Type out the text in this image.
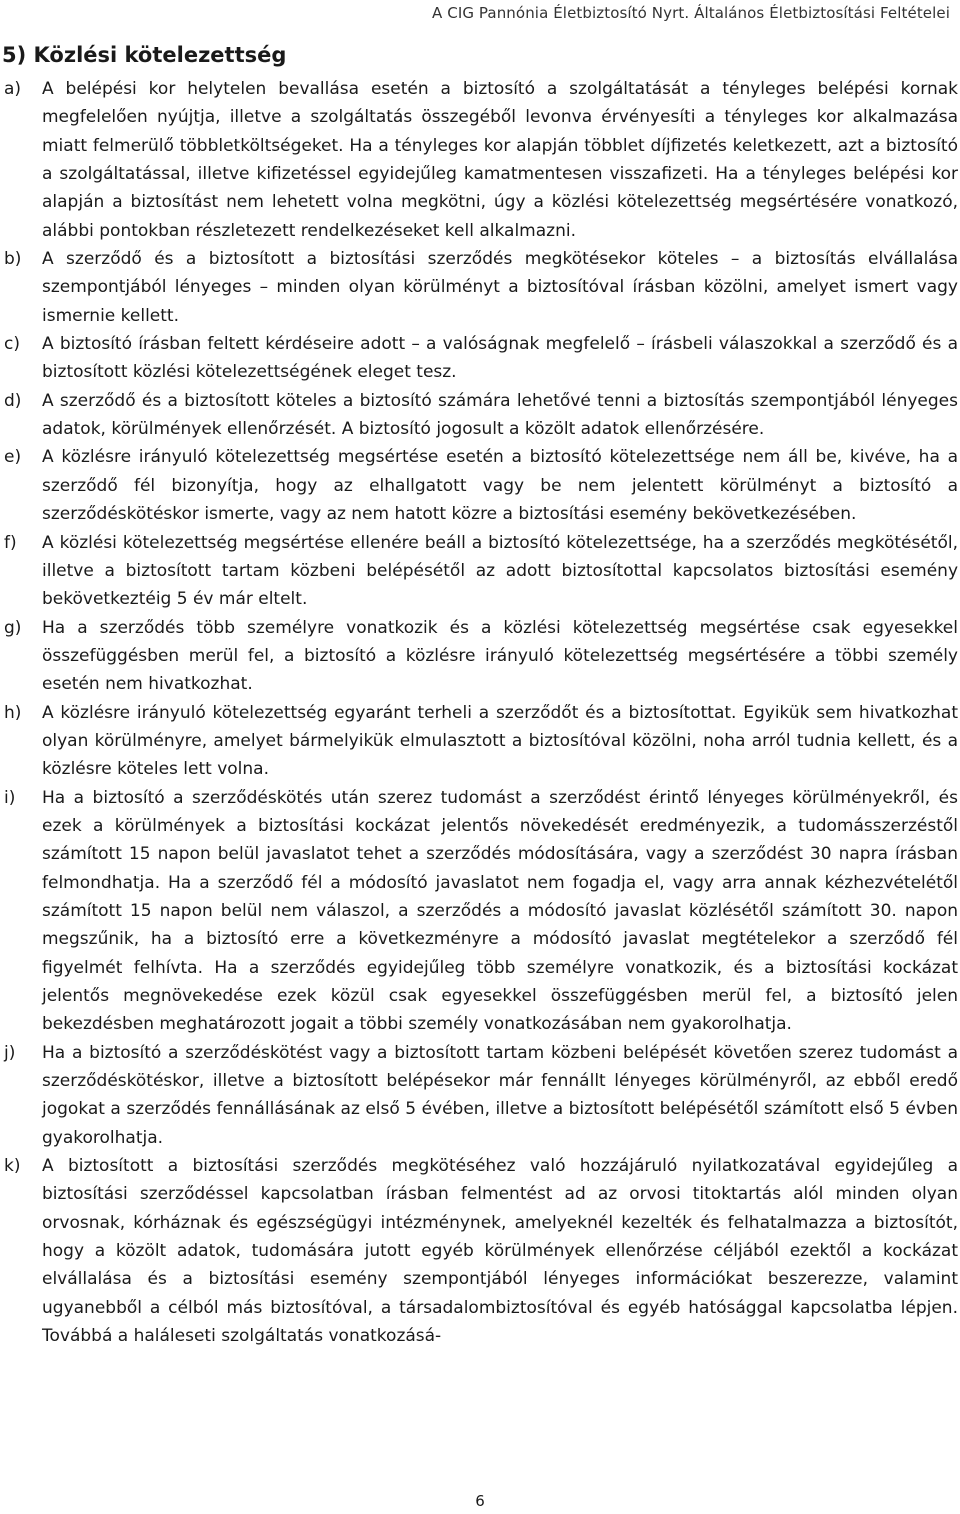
A CIG Pannónia Életbiztosító Nyrt. Általános Életbiztosítási Feltételei
5) Közlési kötelezettség
a)	A belépési kor helytelen bevallása esetén a biztosító a szolgáltatását a tényleges belépési kornak megfelelően nyújtja, illetve a szolgáltatás összegéből levonva érvényesíti a tényleges kor alkalmazása miatt felmerülő többletköltségeket. Ha a tényleges kor alapján többlet díjfizetés keletkezett, azt a biztosító a szolgáltatással, illetve kifizetéssel egyidejűleg kamatmentesen visszafizeti. Ha a tényleges belépési kor alapján a biztosítást nem lehetett volna megkötni, úgy a közlési kötelezettség megsértésére vonatkozó, alábbi pontokban részletezett rendelkezéseket kell alkalmazni.
b)	A szerződő és a biztosított a biztosítási szerződés megkötésekor köteles – a biztosítás elvállalása szempontjából lényeges – minden olyan körülményt a biztosítóval írásban közölni, amelyet ismert vagy ismernie kellett.
c)	A biztosító írásban feltett kérdéseire adott – a valóságnak megfelelő – írásbeli válaszokkal a szerződő és a biztosított közlési kötelezettségének eleget tesz.
d)	A szerződő és a biztosított köteles a biztosító számára lehetővé tenni a biztosítás szempontjából lényeges adatok, körülmények ellenőrzését. A biztosító jogosult a közölt adatok ellenőrzésére.
e)	A közlésre irányuló kötelezettség megsértése esetén a biztosító kötelezettsége nem áll be, kivéve, ha a szerződő fél bizonyítja, hogy az elhallgatott vagy be nem jelentett körülményt a biztosító a szerződéskötéskor ismerte, vagy az nem hatott közre a biztosítási esemény bekövetkezésében.
f)	A közlési kötelezettség megsértése ellenére beáll a biztosító kötelezettsége, ha a szerződés megkötésétől, illetve a biztosított tartam közbeni belépésétől az adott biztosítottal kapcsolatos biztosítási esemény bekövetkeztéig 5 év már eltelt.
g)	Ha a szerződés több személyre vonatkozik és a közlési kötelezettség megsértése csak egyesekkel összefüggésben merül fel, a biztosító a közlésre irányuló kötelezettség megsértésére a többi személy esetén nem hivatkozhat.
h)	A közlésre irányuló kötelezettség egyaránt terheli a szerződőt és a biztosítottat. Egyikük sem hivatkozhat olyan körülményre, amelyet bármelyikük elmulasztott a biztosítóval közölni, noha arról tudnia kellett, és a közlésre köteles lett volna.
i)	Ha a biztosító a szerződéskötés után szerez tudomást a szerződést érintő lényeges körülményekről, és ezek a körülmények a biztosítási kockázat jelentős növekedését eredményezik, a tudomásszerzéstől számított 15 napon belül javaslatot tehet a szerződés módosítására, vagy a szerződést 30 napra írásban felmondhatja. Ha a szerződő fél a módosító javaslatot nem fogadja el, vagy arra annak kézhezvételétől számított 15 napon belül nem válaszol, a szerződés a módosító javaslat közlésétől számított 30. napon megszűnik, ha a biztosító erre a következményre a módosító javaslat megtételekor a szerződő fél figyelmét felhívta. Ha a szerződés egyidejűleg több személyre vonatkozik, és a biztosítási kockázat jelentős megnövekedése ezek közül csak egyesekkel összefüggésben merül fel, a biztosító jelen bekezdésben meghatározott jogait a többi személy vonatkozásában nem gyakorolhatja.
j)	Ha a biztosító a szerződéskötést vagy a biztosított tartam közbeni belépését követően szerez tudomást a szerződéskötéskor, illetve a biztosított belépésekor már fennállt lényeges körülményről, az ebből eredő jogokat a szerződés fennállásának az első 5 évében, illetve a biztosított belépésétől számított első 5 évben gyakorolhatja.
k)	A biztosított a biztosítási szerződés megkötéséhez való hozzájáruló nyilatkozatával egyidejűleg a biztosítási szerződéssel kapcsolatban írásban felmentést ad az orvosi titoktartás alól minden olyan orvosnak, kórháznak és egészségügyi intézménynek, amelyeknél kezelték és felhatalmazza a biztosítót, hogy a közölt adatok, tudomására jutott egyéb körülmények ellenőrzése céljából ezektől a kockázat elvállalása és a biztosítási esemény szempontjából lényeges információkat beszerezze, valamint ugyanebből a célból más biztosítóval, a társadalombiztosítóval és egyéb hatósággal kapcsolatba lépjen. Továbbá a haláleseti szolgáltatás vonatkozásá-
6
